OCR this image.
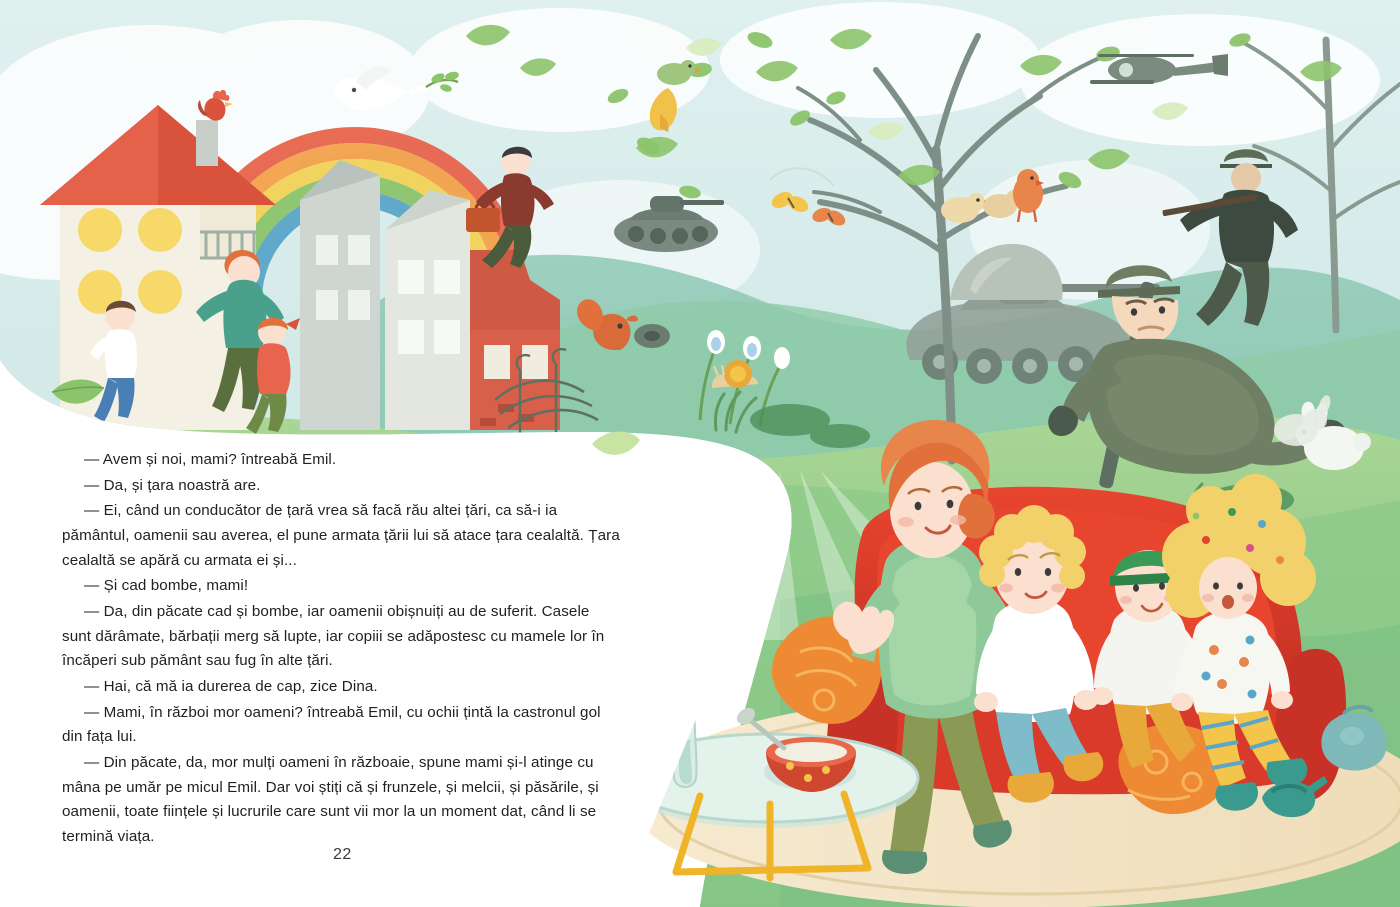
— Avem și noi, mami? întreabă Emil.

— Da, și țara noastră are.

— Ei, când un conducător de țară vrea să facă rău altei țări, ca să-i ia pământul, oamenii sau averea, el pune armata țării lui să atace țara cealaltă. Țara cealaltă se apără cu armata ei și...

— Și cad bombe, mami!

— Da, din păcate cad și bombe, iar oamenii obișnuiți au de suferit. Casele sunt dărâmate, bărbații merg să lupte, iar copiii se adăpostesc cu mamele lor în încăperi sub pământ sau fug în alte țări.

— Hai, că mă ia durerea de cap, zice Dina.

— Mami, în război mor oameni? întreabă Emil, cu ochii țintă la castronul gol din fața lui.

— Din păcate, da, mor mulți oameni în războaie, spune mami și-l atinge cu mâna pe umăr pe micul Emil. Dar voi știți că și frunzele, și melcii, și păsările, și oamenii, toate ființele și lucrurile care sunt vii mor la un moment dat, când li se termină viața.

22
